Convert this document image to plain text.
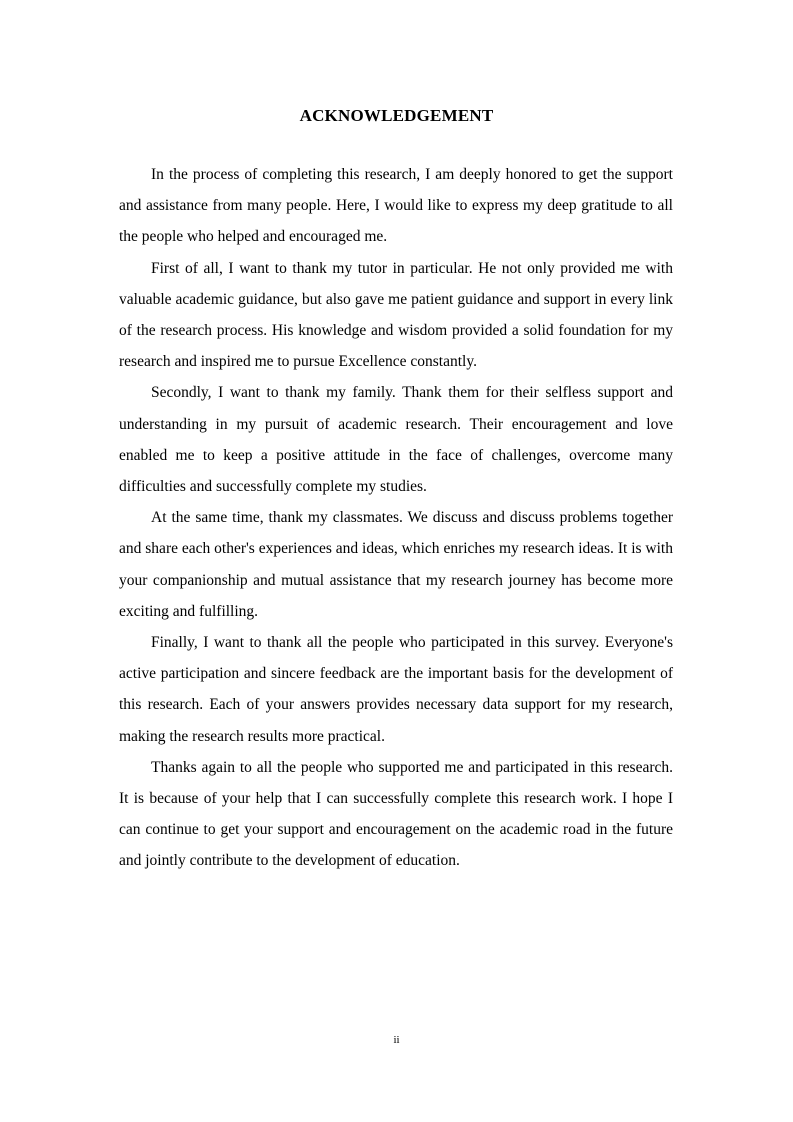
ACKNOWLEDGEMENT

In the process of completing this research, I am deeply honored to get the support and assistance from many people. Here, I would like to express my deep gratitude to all the people who helped and encouraged me.

First of all, I want to thank my tutor in particular. He not only provided me with valuable academic guidance, but also gave me patient guidance and support in every link of the research process. His knowledge and wisdom provided a solid foundation for my research and inspired me to pursue Excellence constantly.

Secondly, I want to thank my family. Thank them for their selfless support and understanding in my pursuit of academic research. Their encouragement and love enabled me to keep a positive attitude in the face of challenges, overcome many difficulties and successfully complete my studies.

At the same time, thank my classmates. We discuss and discuss problems together and share each other's experiences and ideas, which enriches my research ideas. It is with your companionship and mutual assistance that my research journey has become more exciting and fulfilling.

Finally, I want to thank all the people who participated in this survey. Everyone's active participation and sincere feedback are the important basis for the development of this research. Each of your answers provides necessary data support for my research, making the research results more practical.

Thanks again to all the people who supported me and participated in this research. It is because of your help that I can successfully complete this research work. I hope I can continue to get your support and encouragement on the academic road in the future and jointly contribute to the development of education.

ii
